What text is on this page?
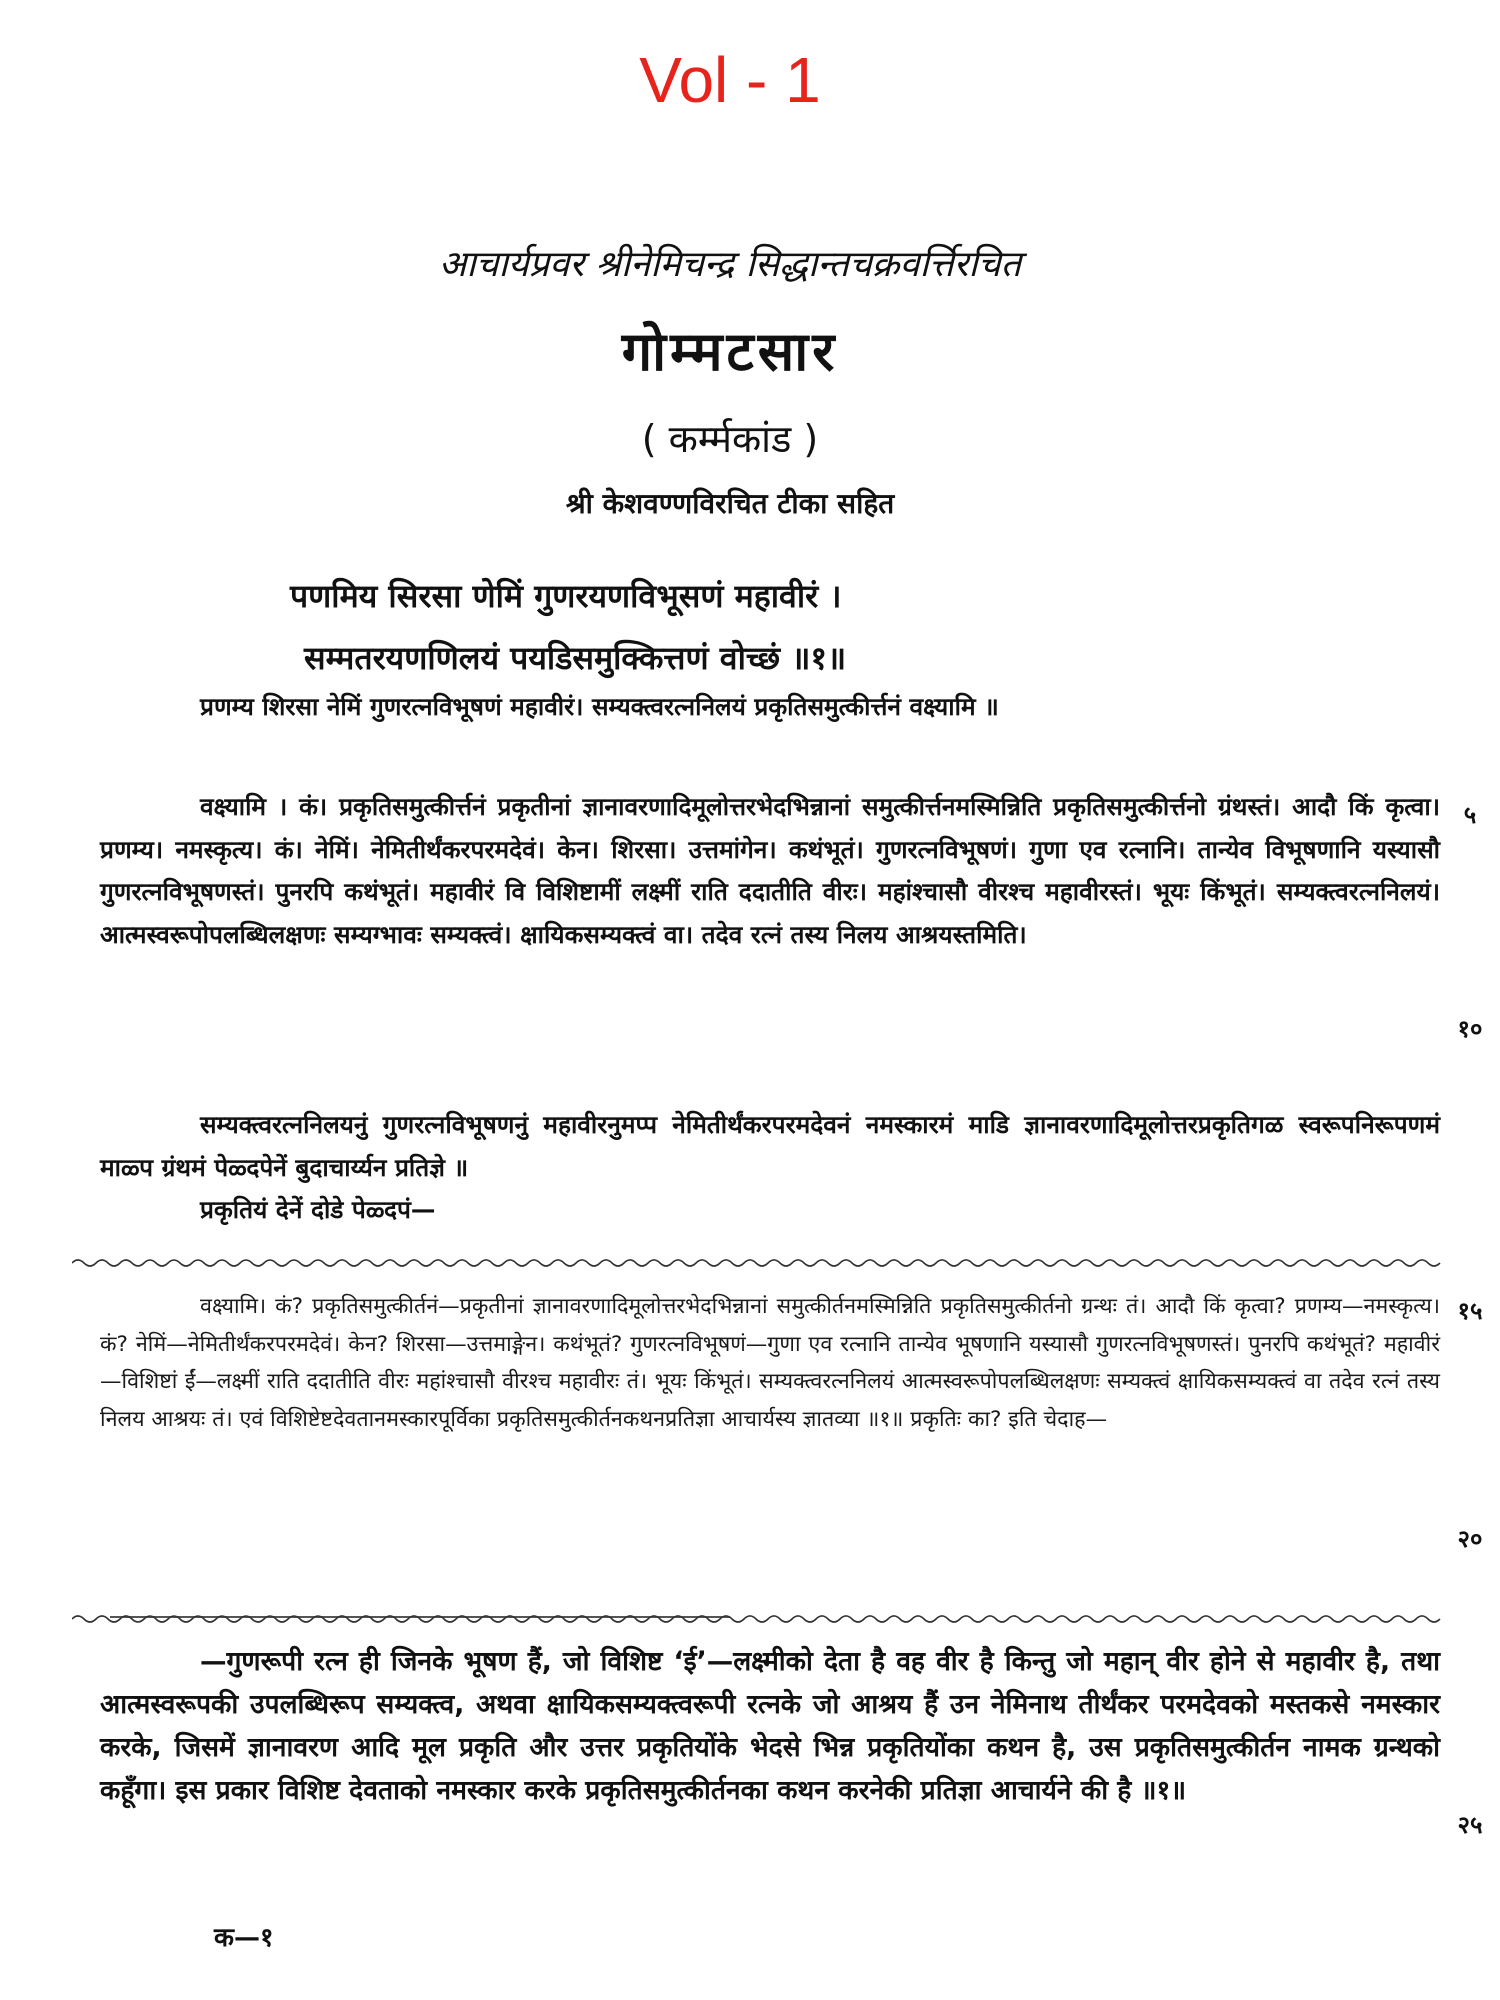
Vol - 1
आचार्यप्रवर श्रीनेमिचन्द्र सिद्धान्तचक्रवर्त्तिरचित
गोम्मटसार
( कर्म्मकांड )
श्री केशवण्णविरचित टीका सहित
पणमिय सिरसा णेमिं गुणरयणविभूसणं महावीरं ।
सम्मतरयणणिलयं पयडिसमुक्कित्तणं वोच्छं ॥१॥

प्रणम्य शिरसा नेमिं गुणरत्नविभूषणं महावीरं। सम्यक्त्वरत्ननिलयं प्रकृतिसमुत्कीर्त्तनं वक्ष्यामि ॥

वक्ष्यामि । कं। प्रकृतिसमुत्कीर्त्तनं प्रकृतीनां ज्ञानावरणादिमूलोत्तरभेदभिन्नानां समुत्कीर्त्तनमस्मिन्निति प्रकृतिसमुत्कीर्त्तनो ग्रंथस्तं। आदौ किं कृत्वा। प्रणम्य। नमस्कृत्य। कं। नेमिं। नेमितीर्थंकरपरमदेवं। केन। शिरसा। उत्तमांगेन। कथंभूतं। गुणरत्नविभूषणं। गुणा एव रत्नानि। तान्येव विभूषणानि यस्यासौ गुणरत्नविभूषणस्तं। पुनरपि कथंभूतं। महावीरं वि विशिष्टामीं लक्ष्मीं राति ददातीति वीरः। महांश्चासौ वीरश्च महावीरस्तं। भूयः किंभूतं। सम्यक्त्वरत्ननिलयं। आत्मस्वरूपोपलब्धिलक्षणः सम्यग्भावः सम्यक्त्वं। क्षायिकसम्यक्त्वं वा। तदेव रत्नं तस्य निलय आश्रयस्तमिति।

सम्यक्त्वरत्ननिलयनुं गुणरत्नविभूषणनुं महावीरनुमप्प नेमितीर्थंकरपरमदेवनं नमस्कारमं माडि ज्ञानावरणादिमूलोत्तरप्रकृतिगळ स्वरूपनिरूपणमं माळ्प ग्रंथमं पेळ्दपेनें बुदाचार्य्यन प्रतिज्ञे ॥

प्रकृतियं देनें दोडे पेळ्दपं—

वक्ष्यामि। कं? प्रकृतिसमुत्कीर्तनं—प्रकृतीनां ज्ञानावरणादिमूलोत्तरभेदभिन्नानां समुत्कीर्तनमस्मिन्निति प्रकृतिसमुत्कीर्तनो ग्रन्थः तं। आदौ किं कृत्वा? प्रणम्य—नमस्कृत्य। कं? नेमिं—नेमितीर्थंकरपरमदेवं। केन? शिरसा—उत्तमाङ्गेन। कथंभूतं? गुणरत्नविभूषणं—गुणा एव रत्नानि तान्येव भूषणानि यस्यासौ गुणरत्नविभूषणस्तं। पुनरपि कथंभूतं? महावीरं—विशिष्टां ईं—लक्ष्मीं राति ददातीति वीरः महांश्चासौ वीरश्च महावीरः तं। भूयः किंभूतं। सम्यक्त्वरत्ननिलयं आत्मस्वरूपोपलब्धिलक्षणः सम्यक्त्वं क्षायिकसम्यक्त्वं वा तदेव रत्नं तस्य निलय आश्रयः तं। एवं विशिष्टेष्टदेवतानमस्कारपूर्विका प्रकृतिसमुत्कीर्तनकथनप्रतिज्ञा आचार्यस्य ज्ञातव्या ॥१॥ प्रकृतिः का? इति चेदाह—

—गुणरूपी रत्न ही जिनके भूषण हैं, जो विशिष्ट ‘ई’—लक्ष्मीको देता है वह वीर है किन्तु जो महान् वीर होने से महावीर है, तथा आत्मस्वरूपकी उपलब्धिरूप सम्यक्त्व, अथवा क्षायिकसम्यक्त्वरूपी रत्नके जो आश्रय हैं उन नेमिनाथ तीर्थंकर परमदेवको मस्तकसे नमस्कार करके, जिसमें ज्ञानावरण आदि मूल प्रकृति और उत्तर प्रकृतियोंके भेदसे भिन्न प्रकृतियोंका कथन है, उस प्रकृतिसमुत्कीर्तन नामक ग्रन्थको कहूँगा। इस प्रकार विशिष्ट देवताको नमस्कार करके प्रकृतिसमुत्कीर्तनका कथन करनेकी प्रतिज्ञा आचार्यने की है ॥१॥

५
१०
१५
२०
२५
क—१
